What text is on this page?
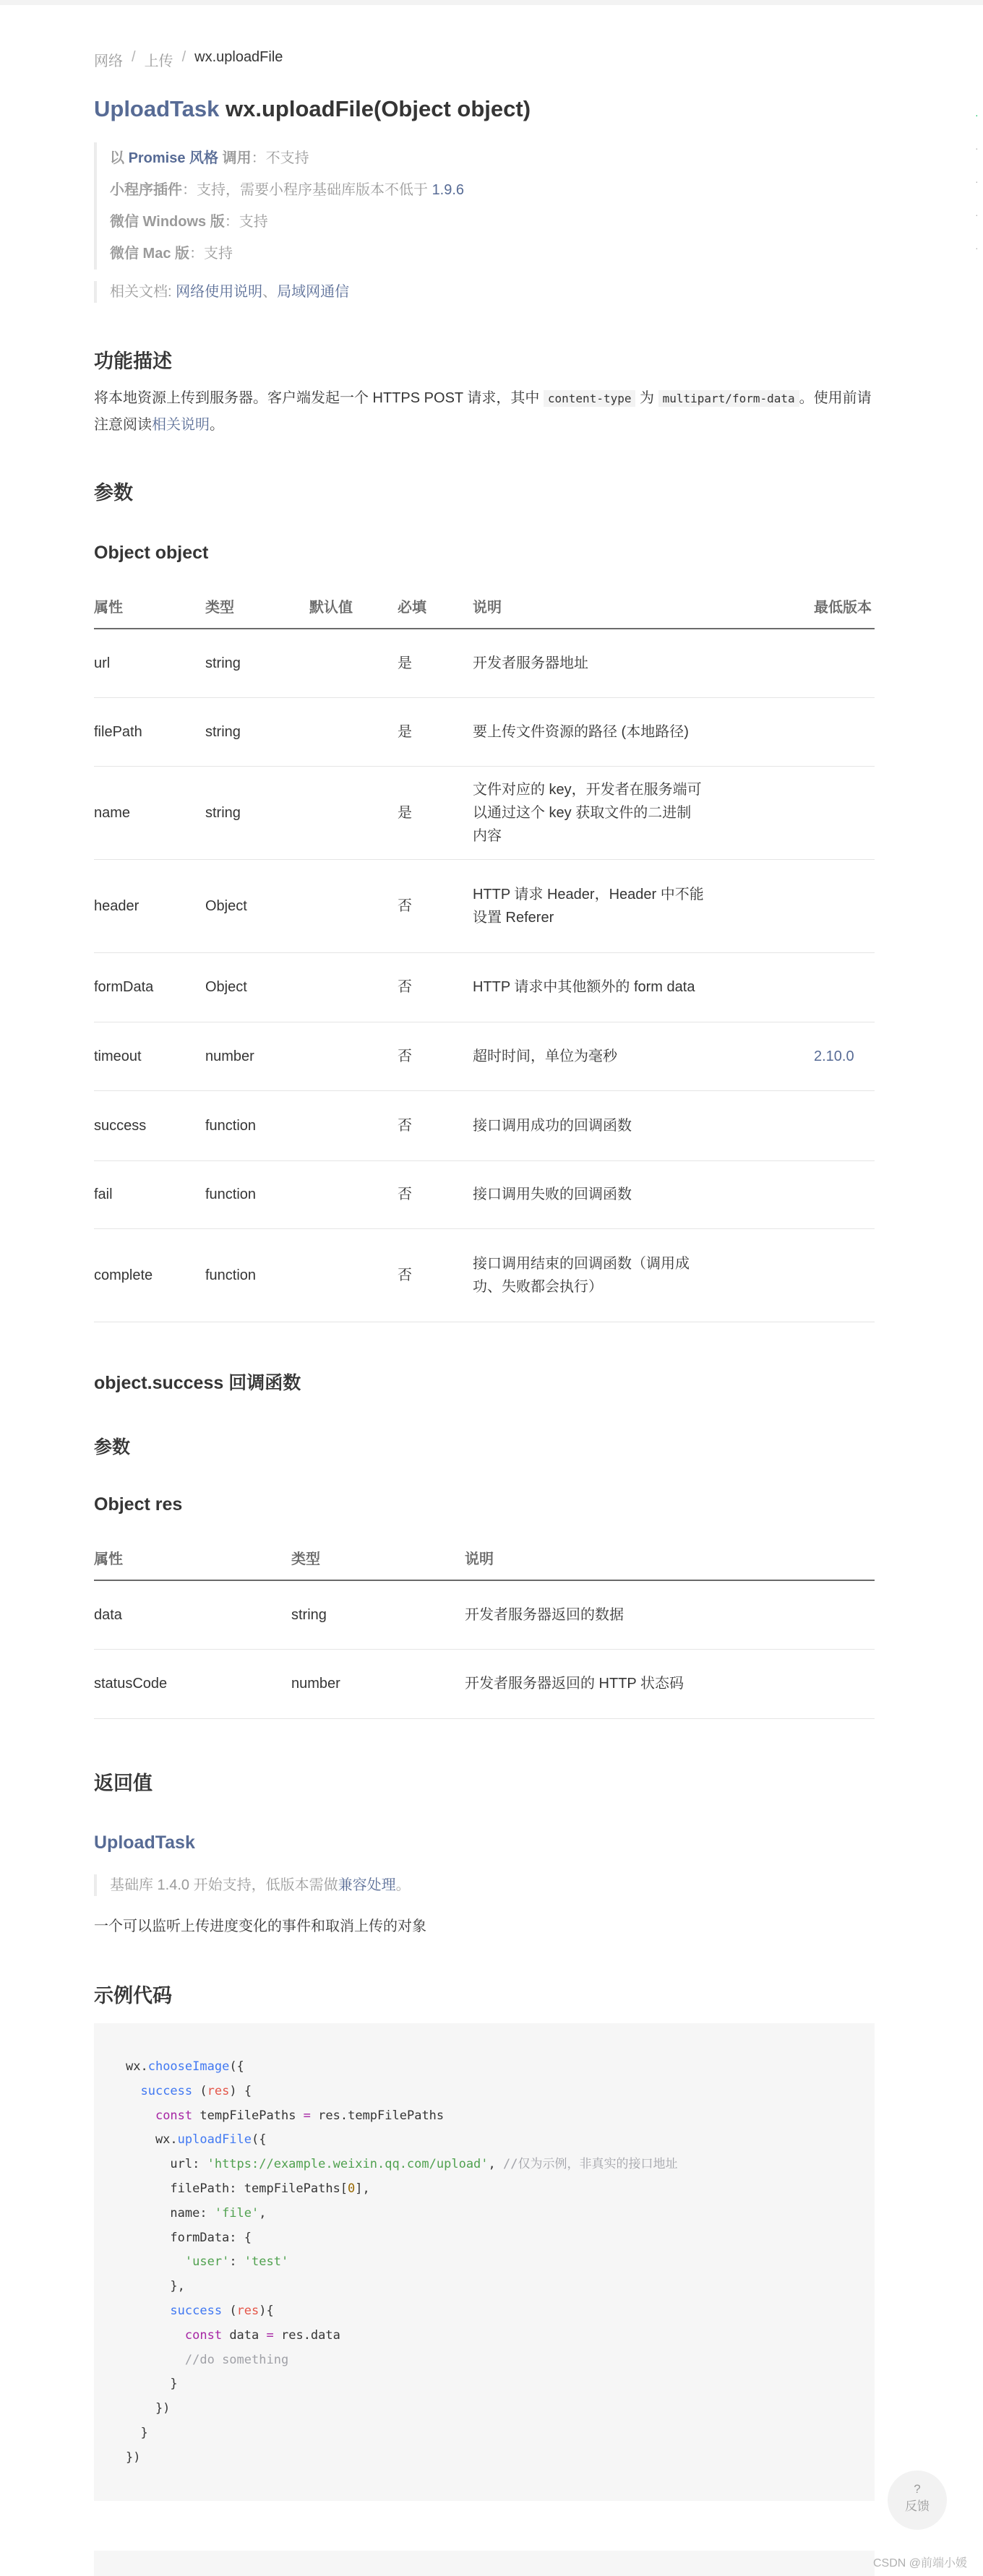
网络 / 上传 / wx.uploadFile
UploadTask wx.uploadFile(Object object)
以 Promise 风格 调用：不支持
小程序插件：支持，需要小程序基础库版本不低于 1.9.6
微信 Windows 版：支持
微信 Mac 版：支持
相关文档: 网络使用说明、局域网通信
功能描述
将本地资源上传到服务器。客户端发起一个 HTTPS POST 请求，其中 content-type 为 multipart/form-data 。使用前请注意阅读相关说明。
参数
Object object
属性	类型	默认值	必填	说明	最低版本
url	string		是	开发者服务器地址	
filePath	string		是	要上传文件资源的路径 (本地路径)	
name	string		是	文件对应的 key，开发者在服务端可以通过这个 key 获取文件的二进制内容	
header	Object		否	HTTP 请求 Header，Header 中不能设置 Referer	
formData	Object		否	HTTP 请求中其他额外的 form data	
timeout	number		否	超时时间，单位为毫秒	2.10.0
success	function		否	接口调用成功的回调函数	
fail	function		否	接口调用失败的回调函数	
complete	function		否	接口调用结束的回调函数（调用成功、失败都会执行）	
object.success 回调函数
参数
Object res
属性	类型	说明
data	string	开发者服务器返回的数据
statusCode	number	开发者服务器返回的 HTTP 状态码
返回值
UploadTask
基础库 1.4.0 开始支持，低版本需做兼容处理。
一个可以监听上传进度变化的事件和取消上传的对象
示例代码
wx.chooseImage({
success (res) {
const tempFilePaths = res.tempFilePaths
wx.uploadFile({
url: 'https://example.weixin.qq.com/upload', //仅为示例，非真实的接口地址
filePath: tempFilePaths[0],
name: 'file',
formData: {
'user': 'test'
},
success (res){
const data = res.data
//do something
}
})
}
})
·
·
·
·
·
?
反馈
CSDN @前端小媛
